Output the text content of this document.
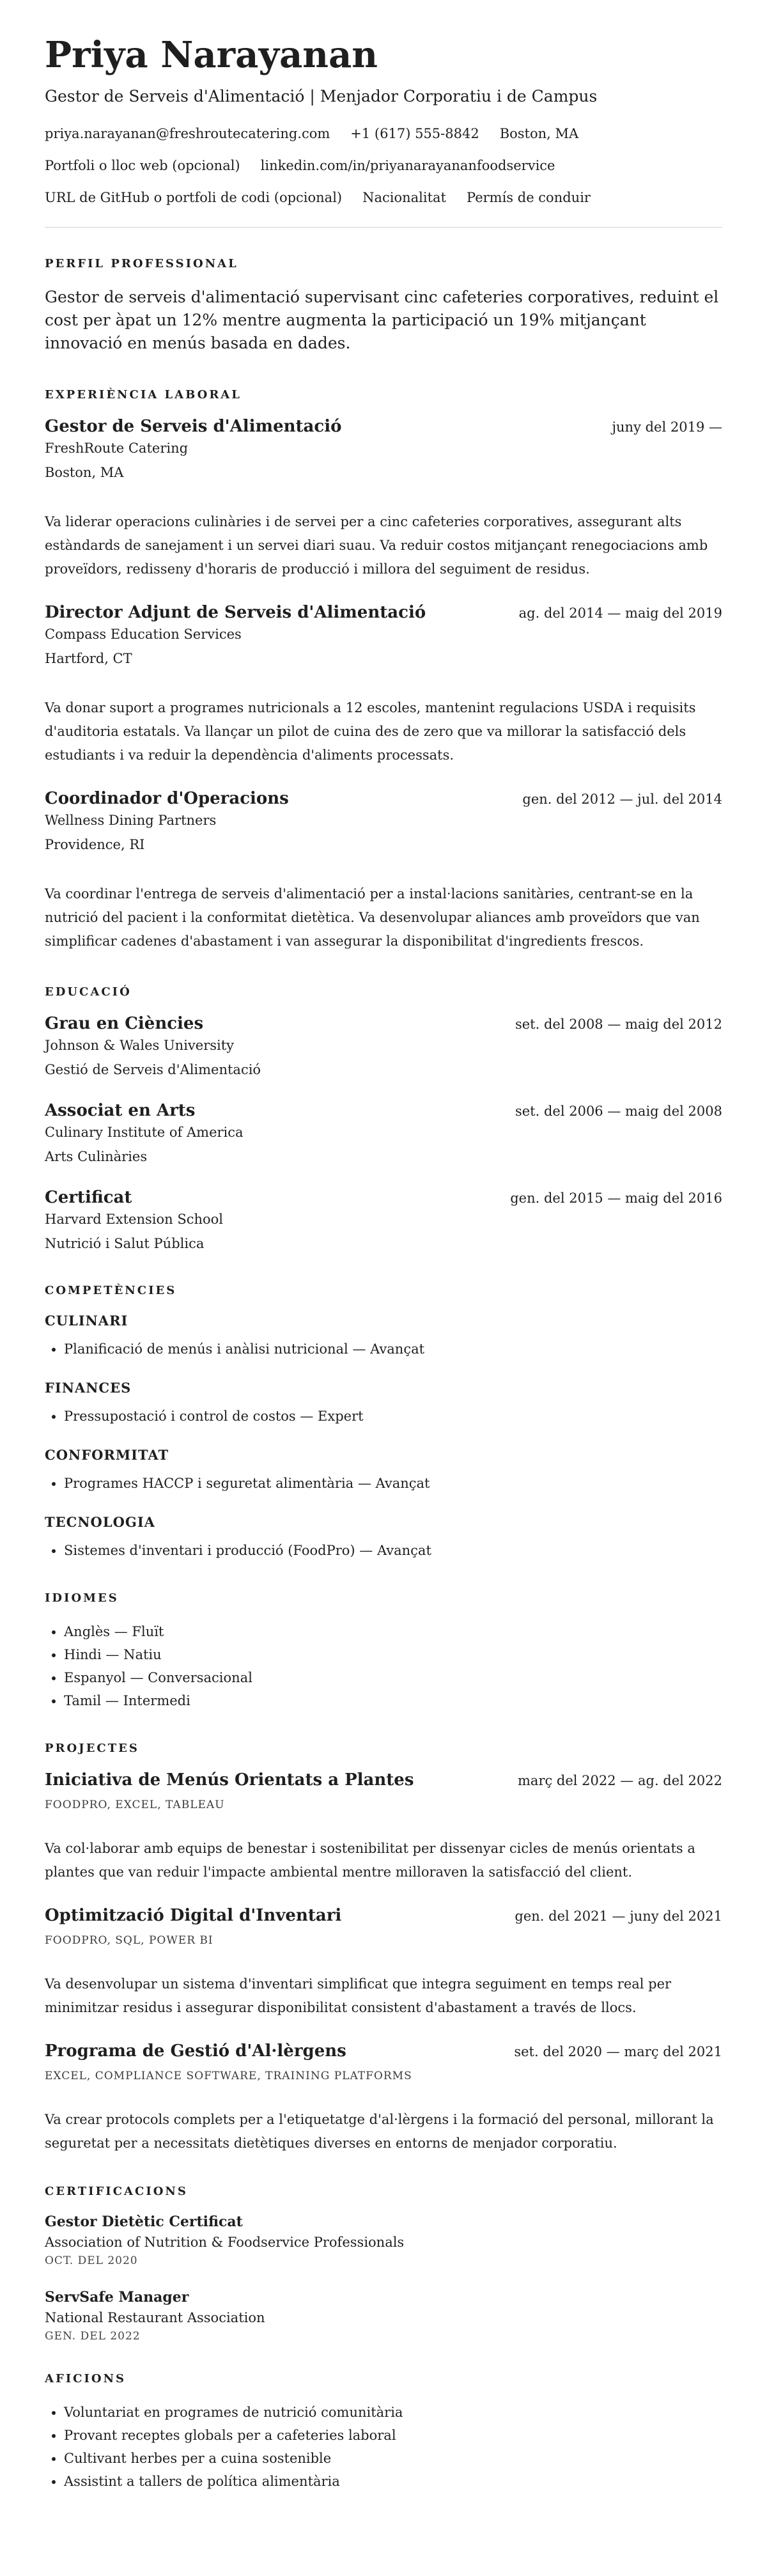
Priya Narayanan
Gestor de Serveis d'Alimentació | Menjador Corporatiu i de Campus
priya.narayanan@freshroutecatering.com +1 (617) 555-8842 Boston, MA
Portfoli o lloc web (opcional) linkedin.com/in/priyanarayananfoodservice
URL de GitHub o portfoli de codi (opcional) Nacionalitat Permís de conduir
PERFIL PROFESSIONAL
Gestor de serveis d'alimentació supervisant cinc cafeteries corporatives, reduint el cost per àpat un 12% mentre augmenta la participació un 19% mitjançant innovació en menús basada en dades.
EXPERIÈNCIA LABORAL
Gestor de Serveis d'Alimentació	juny del 2019 —
FreshRoute Catering
Boston, MA
Va liderar operacions culinàries i de servei per a cinc cafeteries corporatives, assegurant alts estàndards de sanejament i un servei diari suau. Va reduir costos mitjançant renegociacions amb proveïdors, redisseny d'horaris de producció i millora del seguiment de residus.
Director Adjunt de Serveis d'Alimentació	ag. del 2014 — maig del 2019
Compass Education Services
Hartford, CT
Va donar suport a programes nutricionals a 12 escoles, mantenint regulacions USDA i requisits d'auditoria estatals. Va llançar un pilot de cuina des de zero que va millorar la satisfacció dels estudiants i va reduir la dependència d'aliments processats.
Coordinador d'Operacions	gen. del 2012 — jul. del 2014
Wellness Dining Partners
Providence, RI
Va coordinar l'entrega de serveis d'alimentació per a instal·lacions sanitàries, centrant-se en la nutrició del pacient i la conformitat dietètica. Va desenvolupar aliances amb proveïdors que van simplificar cadenes d'abastament i van assegurar la disponibilitat d'ingredients frescos.
EDUCACIÓ
Grau en Ciències	set. del 2008 — maig del 2012
Johnson & Wales University
Gestió de Serveis d'Alimentació
Associat en Arts	set. del 2006 — maig del 2008
Culinary Institute of America
Arts Culinàries
Certificat	gen. del 2015 — maig del 2016
Harvard Extension School
Nutrició i Salut Pública
COMPETÈNCIES
CULINARI
• Planificació de menús i anàlisi nutricional — Avançat
FINANCES
• Pressupostació i control de costos — Expert
CONFORMITAT
• Programes HACCP i seguretat alimentària — Avançat
TECNOLOGIA
• Sistemes d'inventari i producció (FoodPro) — Avançat
IDIOMES
• Anglès — Fluït
• Hindi — Natiu
• Espanyol — Conversacional
• Tamil — Intermedi
PROJECTES
Iniciativa de Menús Orientats a Plantes	març del 2022 — ag. del 2022
FOODPRO, EXCEL, TABLEAU
Va col·laborar amb equips de benestar i sostenibilitat per dissenyar cicles de menús orientats a plantes que van reduir l'impacte ambiental mentre milloraven la satisfacció del client.
Optimització Digital d'Inventari	gen. del 2021 — juny del 2021
FOODPRO, SQL, POWER BI
Va desenvolupar un sistema d'inventari simplificat que integra seguiment en temps real per minimitzar residus i assegurar disponibilitat consistent d'abastament a través de llocs.
Programa de Gestió d'Al·lèrgens	set. del 2020 — març del 2021
EXCEL, COMPLIANCE SOFTWARE, TRAINING PLATFORMS
Va crear protocols complets per a l'etiquetatge d'al·lèrgens i la formació del personal, millorant la seguretat per a necessitats dietètiques diverses en entorns de menjador corporatiu.
CERTIFICACIONS
Gestor Dietètic Certificat
Association of Nutrition & Foodservice Professionals
OCT. DEL 2020
ServSafe Manager
National Restaurant Association
GEN. DEL 2022
AFICIONS
• Voluntariat en programes de nutrició comunitària
• Provant receptes globals per a cafeteries laboral
• Cultivant herbes per a cuina sostenible
• Assistint a tallers de política alimentària
